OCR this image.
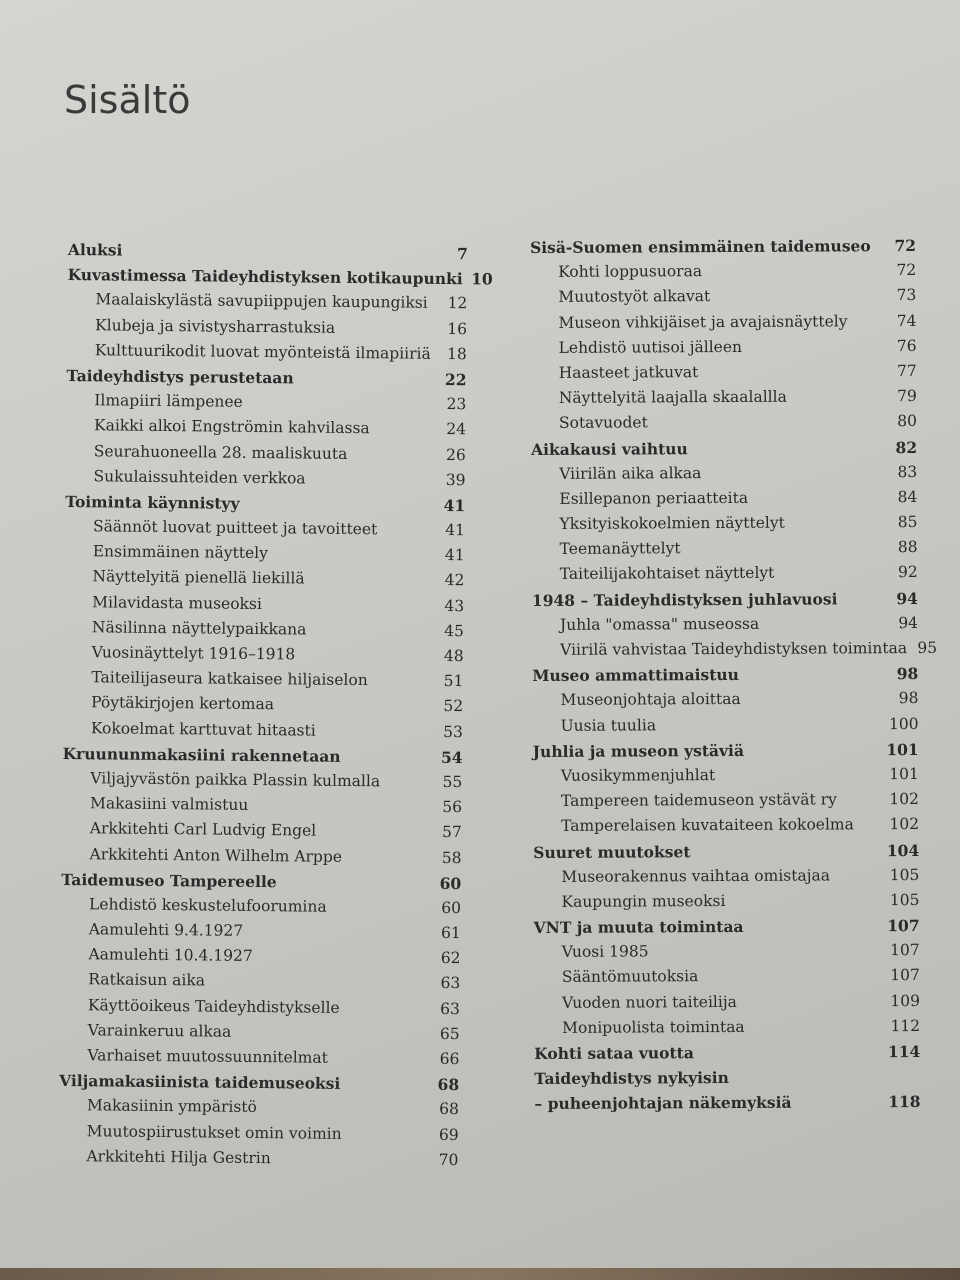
Sisältö
Aluksi	7
Kuvastimessa Taideyhdistyksen kotikaupunki 10
Maalaiskylästä savupiippujen kaupungiksi	12
Klubeja ja sivistysharrastuksia	16
Kulttuurikodit luovat myönteistä ilmapiiriä	18
Taideyhdistys perustetaan	22
Ilmapiiri lämpenee	23
Kaikki alkoi Engströmin kahvilassa	24
Seurahuoneella 28. maaliskuuta	26
Sukulaissuhteiden verkkoa	39
Toiminta käynnistyy	41
Säännöt luovat puitteet ja tavoitteet	41
Ensimmäinen näyttely	41
Näyttelyitä pienellä liekillä	42
Milavidasta museoksi	43
Näsilinna näyttelypaikkana	45
Vuosinäyttelyt 1916–1918	48
Taiteilijaseura katkaisee hiljaiselon	51
Pöytäkirjojen kertomaa	52
Kokoelmat karttuvat hitaasti	53
Kruununmakasiini rakennetaan	54
Viljajyvästön paikka Plassin kulmalla	55
Makasiini valmistuu	56
Arkkitehti Carl Ludvig Engel	57
Arkkitehti Anton Wilhelm Arppe	58
Taidemuseo Tampereelle	60
Lehdistö keskustelufoorumina	60
Aamulehti 9.4.1927	61
Aamulehti 10.4.1927	62
Ratkaisun aika	63
Käyttöoikeus Taideyhdistykselle	63
Varainkeruu alkaa	65
Varhaiset muutossuunnitelmat	66
Viljamakasiinista taidemuseoksi	68
Makasiinin ympäristö	68
Muutospiirustukset omin voimin	69
Arkkitehti Hilja Gestrin	70
Sisä-Suomen ensimmäinen taidemuseo	72
Kohti loppusuoraa	72
Muutostyöt alkavat	73
Museon vihkijäiset ja avajaisnäyttely	74
Lehdistö uutisoi jälleen	76
Haasteet jatkuvat	77
Näyttelyitä laajalla skaalallla	79
Sotavuodet	80
Aikakausi vaihtuu	82
Viirilän aika alkaa	83
Esillepanon periaatteita	84
Yksityiskokoelmien näyttelyt	85
Teemanäyttelyt	88
Taiteilijakohtaiset näyttelyt	92
1948 – Taideyhdistyksen juhlavuosi	94
Juhla "omassa" museossa	94
Viirilä vahvistaa Taideyhdistyksen toimintaa 95
Museo ammattimaistuu	98
Museonjohtaja aloittaa	98
Uusia tuulia	100
Juhlia ja museon ystäviä	101
Vuosikymmenjuhlat	101
Tampereen taidemuseon ystävät ry	102
Tamperelaisen kuvataiteen kokoelma 102
Suuret muutokset	104
Museorakennus vaihtaa omistajaa	105
Kaupungin museoksi	105
VNT ja muuta toimintaa	107
Vuosi 1985	107
Sääntömuutoksia	107
Vuoden nuori taiteilija	109
Monipuolista toimintaa	112
Kohti sataa vuotta	114
Taideyhdistys nykyisin
– puheenjohtajan näkemyksiä	118
